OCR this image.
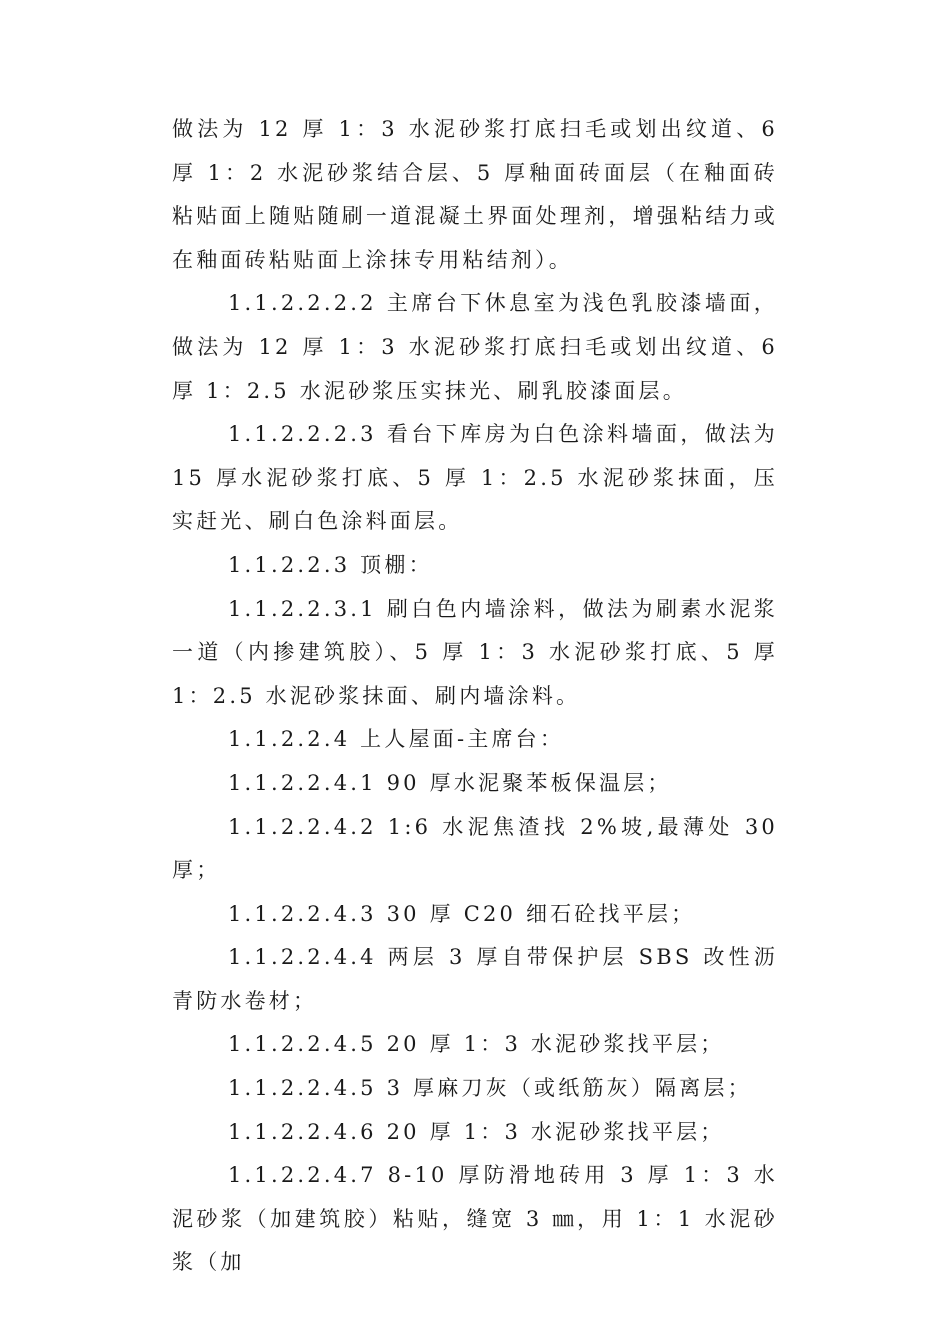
做法为 12 厚 1：3 水泥砂浆打底扫毛或划出纹道、6 厚 1：2 水泥砂浆结合层、5 厚釉面砖面层（在釉面砖粘贴面上随贴随刷一道混凝土界面处理剂，增强粘结力或在釉面砖粘贴面上涂抹专用粘结剂）。

1.1.2.2.2.2 主席台下休息室为浅色乳胶漆墙面，做法为 12 厚 1：3 水泥砂浆打底扫毛或划出纹道、6 厚 1：2.5 水泥砂浆压实抹光、刷乳胶漆面层。

1.1.2.2.2.3 看台下库房为白色涂料墙面，做法为 15 厚水泥砂浆打底、5 厚 1：2.5 水泥砂浆抹面，压实赶光、刷白色涂料面层。

1.1.2.2.3 顶棚：

1.1.2.2.3.1 刷白色内墙涂料，做法为刷素水泥浆一道（内掺建筑胶）、5 厚 1：3 水泥砂浆打底、5 厚 1：2.5 水泥砂浆抹面、刷内墙涂料。

1.1.2.2.4 上人屋面-主席台：

1.1.2.2.4.1 90 厚水泥聚苯板保温层；

1.1.2.2.4.2 1:6 水泥焦渣找 2%坡,最薄处 30 厚；

1.1.2.2.4.3 30 厚 C20 细石砼找平层；

1.1.2.2.4.4 两层 3 厚自带保护层 SBS 改性沥青防水卷材；

1.1.2.2.4.5 20 厚 1：3 水泥砂浆找平层；

1.1.2.2.4.5 3 厚麻刀灰（或纸筋灰）隔离层；

1.1.2.2.4.6 20 厚 1：3 水泥砂浆找平层；

1.1.2.2.4.7 8-10 厚防滑地砖用 3 厚 1：3 水泥砂浆（加建筑胶）粘贴，缝宽 3 ㎜，用 1：1 水泥砂浆（加
